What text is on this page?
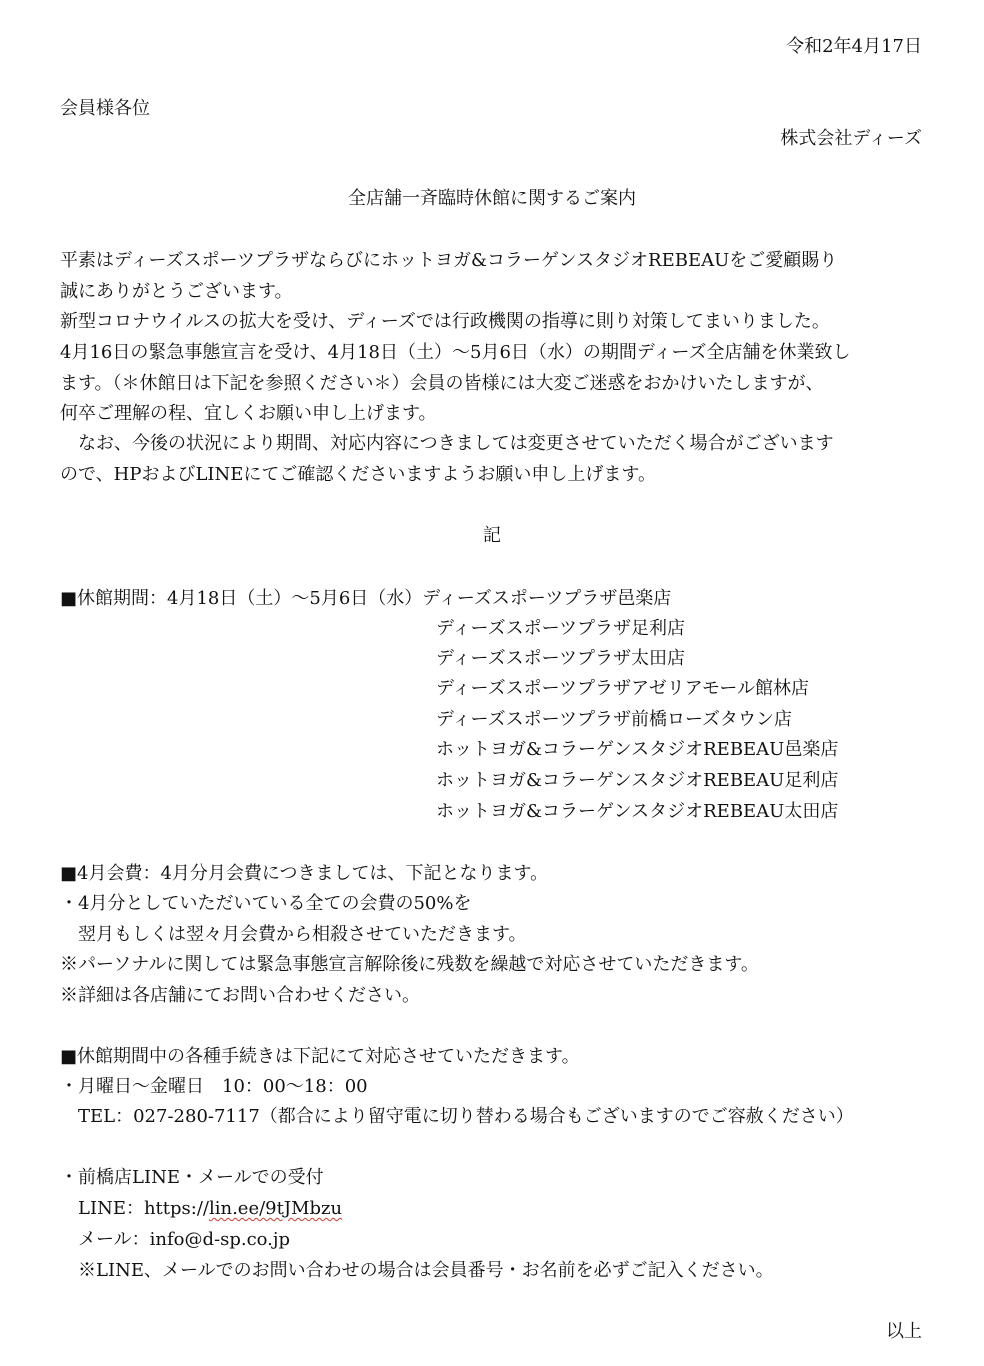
令和2年4月17日
会員様各位
株式会社ディーズ
全店舗一斉臨時休館に関するご案内
平素はディーズスポーツプラザならびにホットヨガ&コラーゲンスタジオREBEAUをご愛顧賜り
誠にありがとうございます。
新型コロナウイルスの拡大を受け、ディーズでは行政機関の指導に則り対策してまいりました。
4月16日の緊急事態宣言を受け、4月18日（土）〜5月6日（水）の期間ディーズ全店舗を休業致し
ます。（＊休館日は下記を参照ください＊）会員の皆様には大変ご迷惑をおかけいたしますが、
何卒ご理解の程、宜しくお願い申し上げます。
　なお、今後の状況により期間、対応内容につきましては変更させていただく場合がございます
ので、HPおよびLINEにてご確認くださいますようお願い申し上げます。
記
■休館期間：4月18日（土）〜5月6日（水）ディーズスポーツプラザ邑楽店
ディーズスポーツプラザ足利店
ディーズスポーツプラザ太田店
ディーズスポーツプラザアゼリアモール館林店
ディーズスポーツプラザ前橋ローズタウン店
ホットヨガ&コラーゲンスタジオREBEAU邑楽店
ホットヨガ&コラーゲンスタジオREBEAU足利店
ホットヨガ&コラーゲンスタジオREBEAU太田店
■4月会費：4月分月会費につきましては、下記となります。
・4月分としていただいている全ての会費の50%を
　翌月もしくは翌々月会費から相殺させていただきます。
※パーソナルに関しては緊急事態宣言解除後に残数を繰越で対応させていただきます。
※詳細は各店舗にてお問い合わせください。
■休館期間中の各種手続きは下記にて対応させていただきます。
・月曜日〜金曜日　10：00〜18：00
　TEL：027-280-7117（都合により留守電に切り替わる場合もございますのでご容赦ください）
・前橋店LINE・メールでの受付
　LINE：https://lin.ee/9tJMbzu
　メール：info@d-sp.co.jp
　※LINE、メールでのお問い合わせの場合は会員番号・お名前を必ずご記入ください。
以上
